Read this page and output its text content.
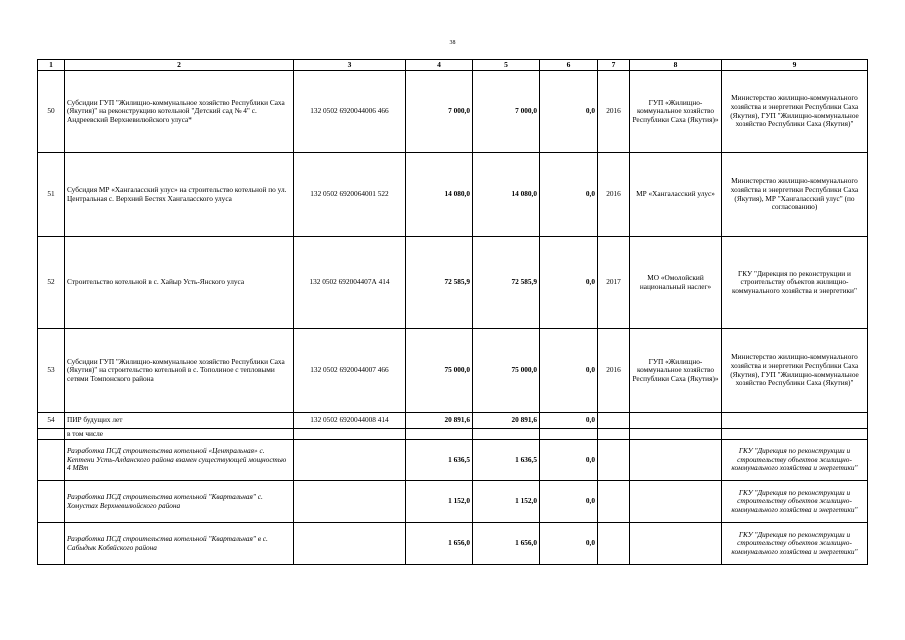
38
1	2	3	4	5	6	7	8	9
50	Субсидии ГУП "Жилищно-коммунальное хозяйство Республики Саха (Якутия)" на реконструкцию котельной "Детский сад № 4" с. Андреевский Верхневилюйского улуса*	132 0502 6920044006 466	7 000,0	7 000,0	0,0	2016	ГУП «Жилищно-коммунальное хозяйство Республики Саха (Якутия)»	Министерство жилищно-коммунального хозяйства и энергетики Республики Саха (Якутия), ГУП "Жилищно-коммунальное хозяйство Республики Саха (Якутия)"
51	Субсидия МР «Хангаласский улус» на строительство котельной по ул. Центральная с. Верхний Бестях Хангаласского улуса	132 0502 6920064001 522	14 080,0	14 080,0	0,0	2016	МР «Хангаласский улус»	Министерство жилищно-коммунального хозяйства и энергетики Республики Саха (Якутия), МР "Хангаласский улус" (по согласованию)
52	Строительство котельной в с. Хайыр Усть-Янского улуса	132 0502 692004407А 414	72 585,9	72 585,9	0,0	2017	МО «Омолойский национальный наслег»	ГКУ "Дирекция по реконструкции и строительству объектов жилищно-коммунального хозяйства и энергетики"
53	Субсидии ГУП "Жилищно-коммунальное хозяйство Республики Саха (Якутия)" на строительство котельной в с. Тополиное с тепловыми сетями Томпонского района	132 0502 6920044007 466	75 000,0	75 000,0	0,0	2016	ГУП «Жилищно-коммунальное хозяйство Республики Саха (Якутия)»	Министерство жилищно-коммунального хозяйства и энергетики Республики Саха (Якутия), ГУП "Жилищно-коммунальное хозяйство Республики Саха (Якутия)"
54	ПИР будущих лет	132 0502 6920044008 414	20 891,6	20 891,6	0,0			
	в том числе							
	Разработка ПСД строительства котельной «Центральная» с. Кептени Усть-Алданского района взамен существующей мощностью 4 МВт		1 636,5	1 636,5	0,0			ГКУ "Дирекция по реконструкции и строительству объектов жилищно-коммунального хозяйства и энергетики"
	Разработка ПСД строительства котельной "Квартальная" с. Хомустах Верхневилюйского района		1 152,0	1 152,0	0,0			ГКУ "Дирекция по реконструкции и строительству объектов жилищно-коммунального хозяйства и энергетики"
	Разработка ПСД строительства котельной "Квартальная" в с. Сабыдык Кобяйского района		1 656,0	1 656,0	0,0			ГКУ "Дирекция по реконструкции и строительству объектов жилищно-коммунального хозяйства и энергетики"
